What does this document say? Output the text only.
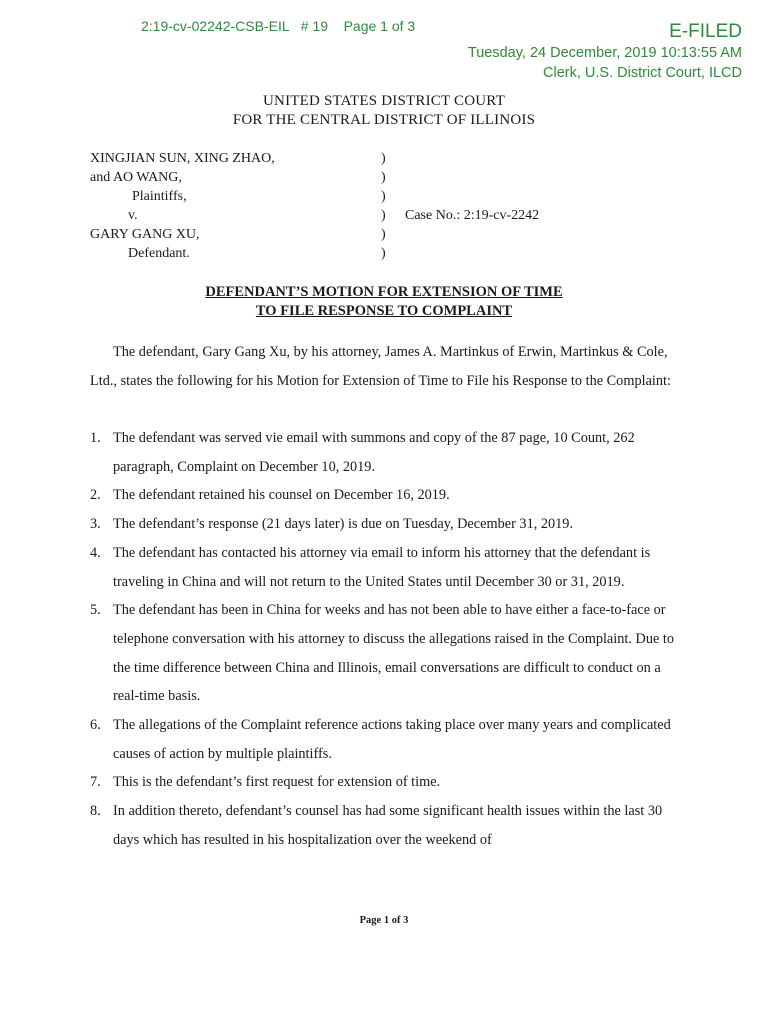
2:19-cv-02242-CSB-EIL   # 19    Page 1 of 3	E-FILED
Tuesday, 24 December, 2019 10:13:55 AM
Clerk, U.S. District Court, ILCD
UNITED STATES DISTRICT COURT
FOR THE CENTRAL DISTRICT OF ILLINOIS
XINGJIAN SUN, XING ZHAO,
and AO WANG,
Plaintiffs,
v.
GARY GANG XU,
Defendant.
)
)
)
)
)
)
Case No.: 2:19-cv-2242
DEFENDANT’S MOTION FOR EXTENSION OF TIME
TO FILE RESPONSE TO COMPLAINT
The defendant, Gary Gang Xu, by his attorney, James A. Martinkus of Erwin, Martinkus & Cole, Ltd., states the following for his Motion for Extension of Time to File his Response to the Complaint:
1. The defendant was served vie email with summons and copy of the 87 page, 10 Count, 262 paragraph, Complaint on December 10, 2019.
2. The defendant retained his counsel on December 16, 2019.
3. The defendant’s response (21 days later) is due on Tuesday, December 31, 2019.
4. The defendant has contacted his attorney via email to inform his attorney that the defendant is traveling in China and will not return to the United States until December 30 or 31, 2019.
5. The defendant has been in China for weeks and has not been able to have either a face-to-face or telephone conversation with his attorney to discuss the allegations raised in the Complaint. Due to the time difference between China and Illinois, email conversations are difficult to conduct on a real-time basis.
6. The allegations of the Complaint reference actions taking place over many years and complicated causes of action by multiple plaintiffs.
7. This is the defendant’s first request for extension of time.
8. In addition thereto, defendant’s counsel has had some significant health issues within the last 30 days which has resulted in his hospitalization over the weekend of
Page 1 of 3
